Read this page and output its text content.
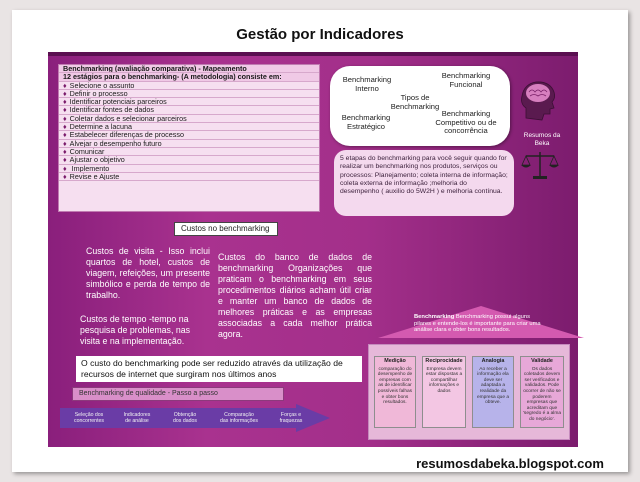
Gestão por Indicadores
Benchmarking (avaliação comparativa) - Mapeamento
12 estágios para o benchmarking- (A metodologia) consiste em:
♦ Selecione o assunto
♦ Definir o processo
♦ Identificar potenciais parceiros
♦ Identificar fontes de dados
♦ Coletar dados e selecionar parceiros
♦ Determine a lacuna
♦ Estabelecer diferenças de processo
♦ Alvejar o desempenho futuro
♦ Comunicar
♦ Ajustar o objetivo
♦ Implemento
♦ Revise e Ajuste
Benchmarking
Interno
Benchmarking
Funcional
Tipos de
Benchmarking
Benchmarking
Estratégico
Benchmarking
Competitivo ou de
concorrência
Resumos da
Beka
5 etapas do benchmarking para você seguir quando for realizar um benchmarking nos produtos, serviços ou processos: Planejamento; coleta interna de informação; coleta externa de informação ;melhoria do desempenho ( auxilio do 5W2H ) e melhoria contínua.
Custos no benchmarking
Custos de visita - Isso inclui quartos de hotel, custos de viagem, refeições, um presente simbólico e perda de tempo de trabalho.
Custos de tempo -tempo na pesquisa de problemas, nas visita e na implementação.
Custos do banco de dados de benchmarking Organizações que praticam o benchmarking em seus procedimentos diários acham útil criar e manter um banco de dados de melhores práticas e as empresas associadas a cada melhor prática agora.
Benchmarking Benchmarking possui alguns pilares e entende-los é importante para criar uma análise clara e obter bons resultados.
Medição
comparação do desempenho de empresas com as de identificar possíveis falhas e obter bons resultados.
Reciprocidade
Empresa devem estar dispostas a compartilhar informações e dados
Analogia
Ao receber a informação ela deve ser adaptada a realidade da empresa que a obteve.
Validade
Os dados coletados devem ser verificados e validados. Pode ocorrer de não se poderem empresas que acreditam que 'segredo é a alma do negócio'.
O custo do benchmarking pode ser reduzido através da utilização de recursos de internet que surgiram nos últimos anos
Benchmarking de qualidade - Passo a passo
Seleção dos
concorrentes
Indicadores
de análise
Obtenção
dos dados
Comparação
das informações
Forças e
fraquezas
resumosdabeka.blogspot.com
